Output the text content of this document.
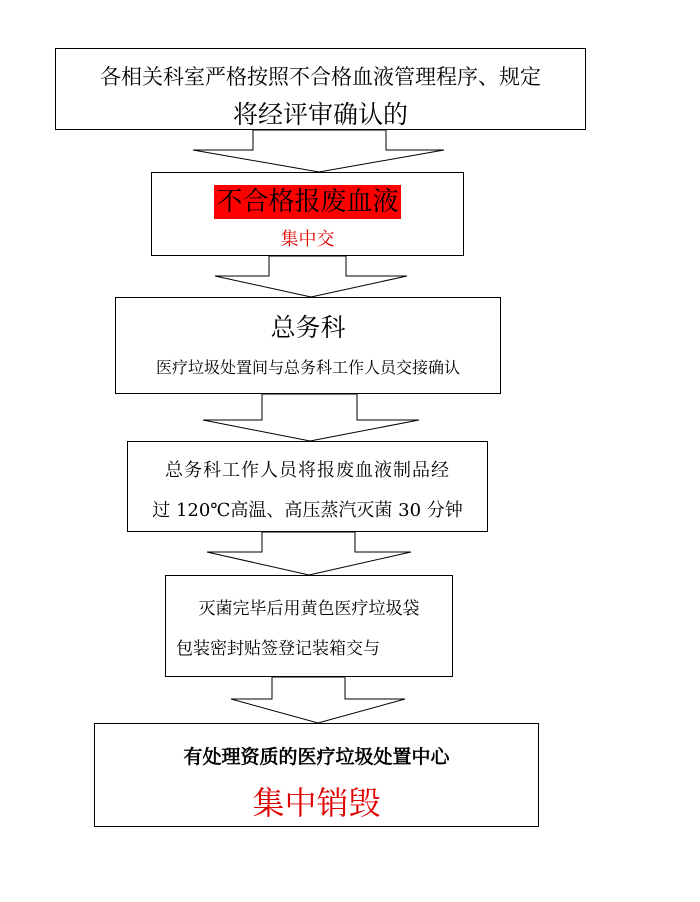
各相关科室严格按照不合格血液管理程序、规定
将经评审确认的
不合格报废血液
集中交
总务科
医疗垃圾处置间与总务科工作人员交接确认
总务科工作人员将报废血液制品经
过 120℃高温、高压蒸汽灭菌 30 分钟
灭菌完毕后用黄色医疗垃圾袋
包装密封贴签登记装箱交与
有处理资质的医疗垃圾处置中心
集中销毁
